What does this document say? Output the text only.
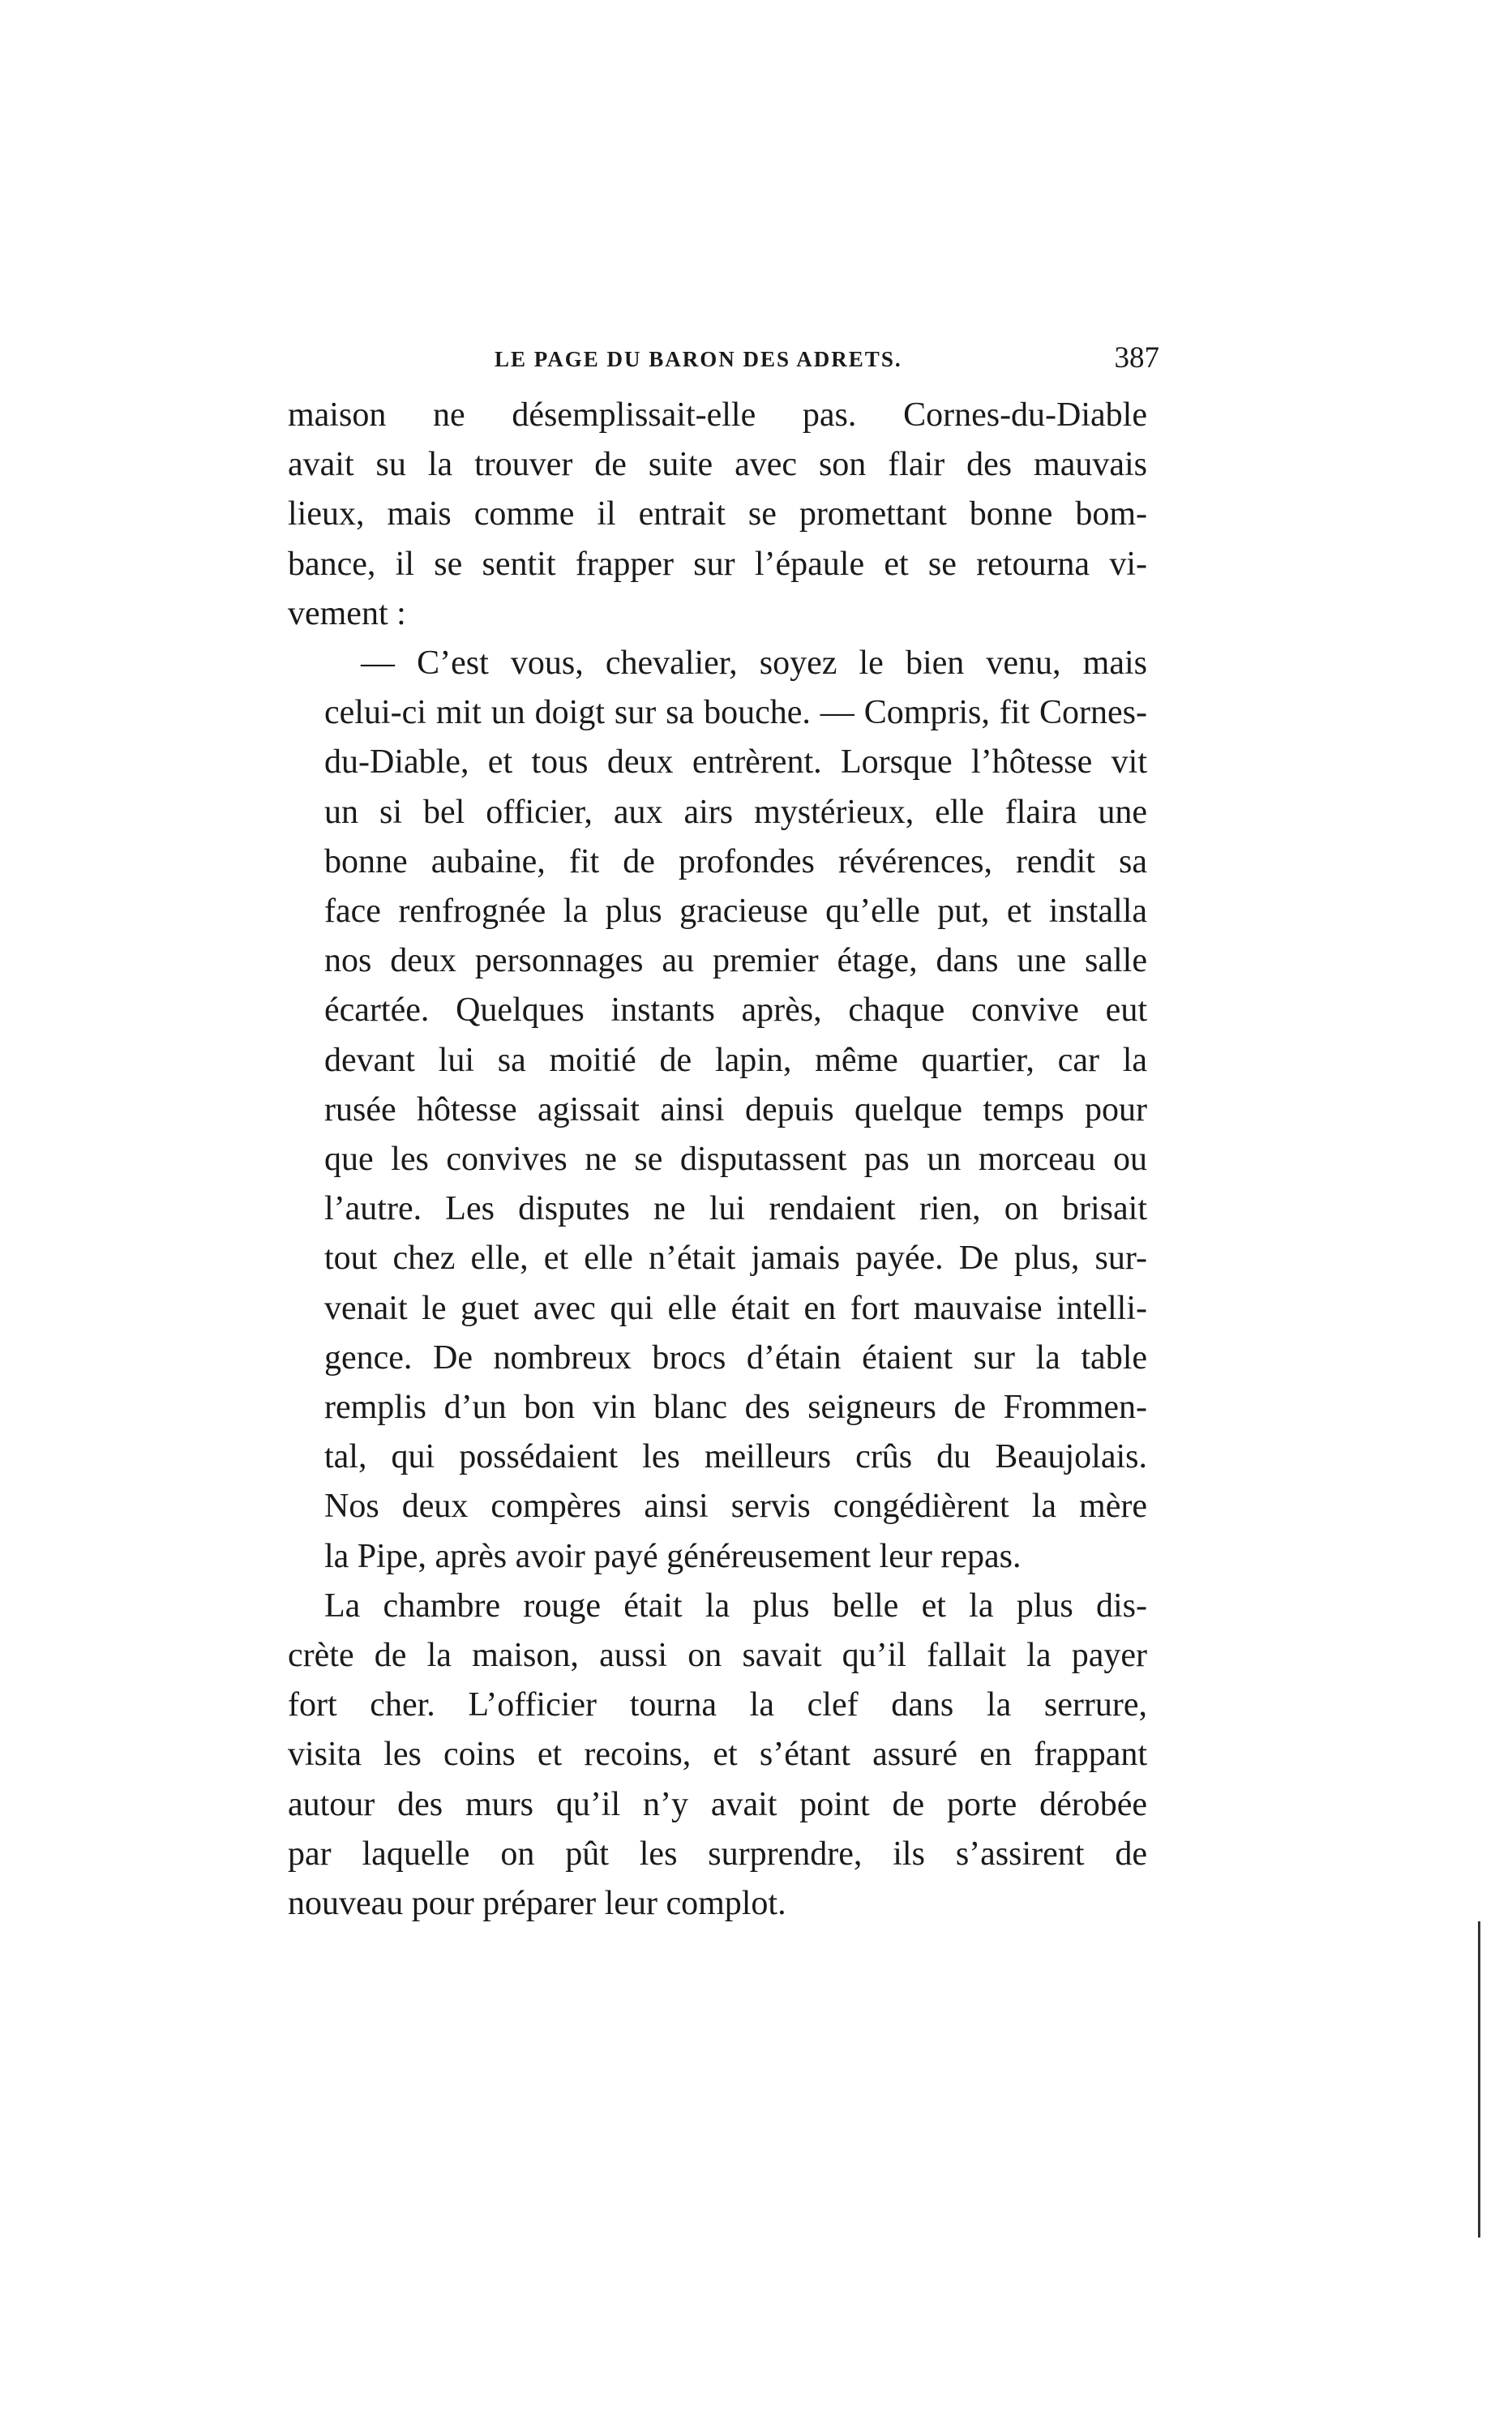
LE PAGE DU BARON DES ADRETS.	387

maison ne désemplissait-elle pas. Cornes-du-Diable
avait su la trouver de suite avec son flair des mauvais
lieux, mais comme il entrait se promettant bonne bom-
bance, il se sentit frapper sur l’épaule et se retourna vi-
vement :

— C’est vous, chevalier, soyez le bien venu, mais
celui-ci mit un doigt sur sa bouche. — Compris, fit Cornes-
du-Diable, et tous deux entrèrent. Lorsque l’hôtesse vit
un si bel officier, aux airs mystérieux, elle flaira une
bonne aubaine, fit de profondes révérences, rendit sa
face renfrognée la plus gracieuse qu’elle put, et installa
nos deux personnages au premier étage, dans une salle
écartée. Quelques instants après, chaque convive eut
devant lui sa moitié de lapin, même quartier, car la
rusée hôtesse agissait ainsi depuis quelque temps pour
que les convives ne se disputassent pas un morceau ou
l’autre. Les disputes ne lui rendaient rien, on brisait
tout chez elle, et elle n’était jamais payée. De plus, sur-
venait le guet avec qui elle était en fort mauvaise intelli-
gence. De nombreux brocs d’étain étaient sur la table
remplis d’un bon vin blanc des seigneurs de Frommen-
tal, qui possédaient les meilleurs crûs du Beaujolais.
Nos deux compères ainsi servis congédièrent la mère
la Pipe, après avoir payé généreusement leur repas.

La chambre rouge était la plus belle et la plus dis-
crète de la maison, aussi on savait qu’il fallait la payer
fort cher. L’officier tourna la clef dans la serrure,
visita les coins et recoins, et s’étant assuré en frappant
autour des murs qu’il n’y avait point de porte dérobée
par laquelle on pût les surprendre, ils s’assirent de
nouveau pour préparer leur complot.
